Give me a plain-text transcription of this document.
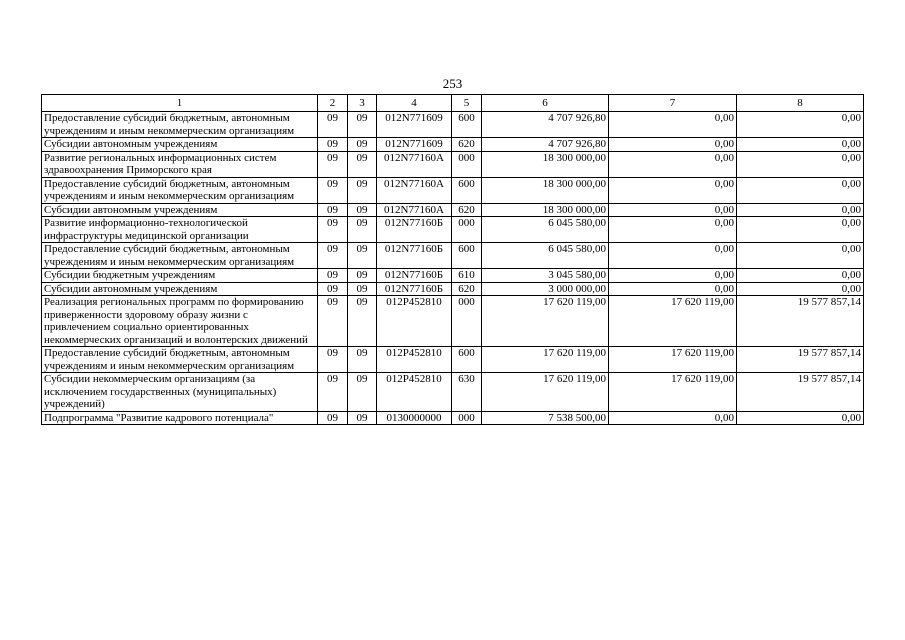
253
1	2	3	4	5	6	7	8
Предоставление субсидий бюджетным, автономным учреждениям и иным некоммерческим организациям	09	09	012N771609	600	4 707 926,80	0,00	0,00
Субсидии автономным учреждениям	09	09	012N771609	620	4 707 926,80	0,00	0,00
Развитие региональных информационных систем здравоохранения Приморского края	09	09	012N77160A	000	18 300 000,00	0,00	0,00
Предоставление субсидий бюджетным, автономным учреждениям и иным некоммерческим организациям	09	09	012N77160A	600	18 300 000,00	0,00	0,00
Субсидии автономным учреждениям	09	09	012N77160A	620	18 300 000,00	0,00	0,00
Развитие информационно-технологической инфраструктуры медицинской организации	09	09	012N77160Б	000	6 045 580,00	0,00	0,00
Предоставление субсидий бюджетным, автономным учреждениям и иным некоммерческим организациям	09	09	012N77160Б	600	6 045 580,00	0,00	0,00
Субсидии бюджетным учреждениям	09	09	012N77160Б	610	3 045 580,00	0,00	0,00
Субсидии автономным учреждениям	09	09	012N77160Б	620	3 000 000,00	0,00	0,00
Реализация региональных программ по формированию приверженности здоровому образу жизни с привлечением социально ориентированных некоммерческих организаций и волонтерских движений	09	09	012P452810	000	17 620 119,00	17 620 119,00	19 577 857,14
Предоставление субсидий бюджетным, автономным учреждениям и иным некоммерческим организациям	09	09	012P452810	600	17 620 119,00	17 620 119,00	19 577 857,14
Субсидии некоммерческим организациям (за исключением государственных (муниципальных) учреждений)	09	09	012P452810	630	17 620 119,00	17 620 119,00	19 577 857,14
Подпрограмма "Развитие кадрового потенциала"	09	09	0130000000	000	7 538 500,00	0,00	0,00
